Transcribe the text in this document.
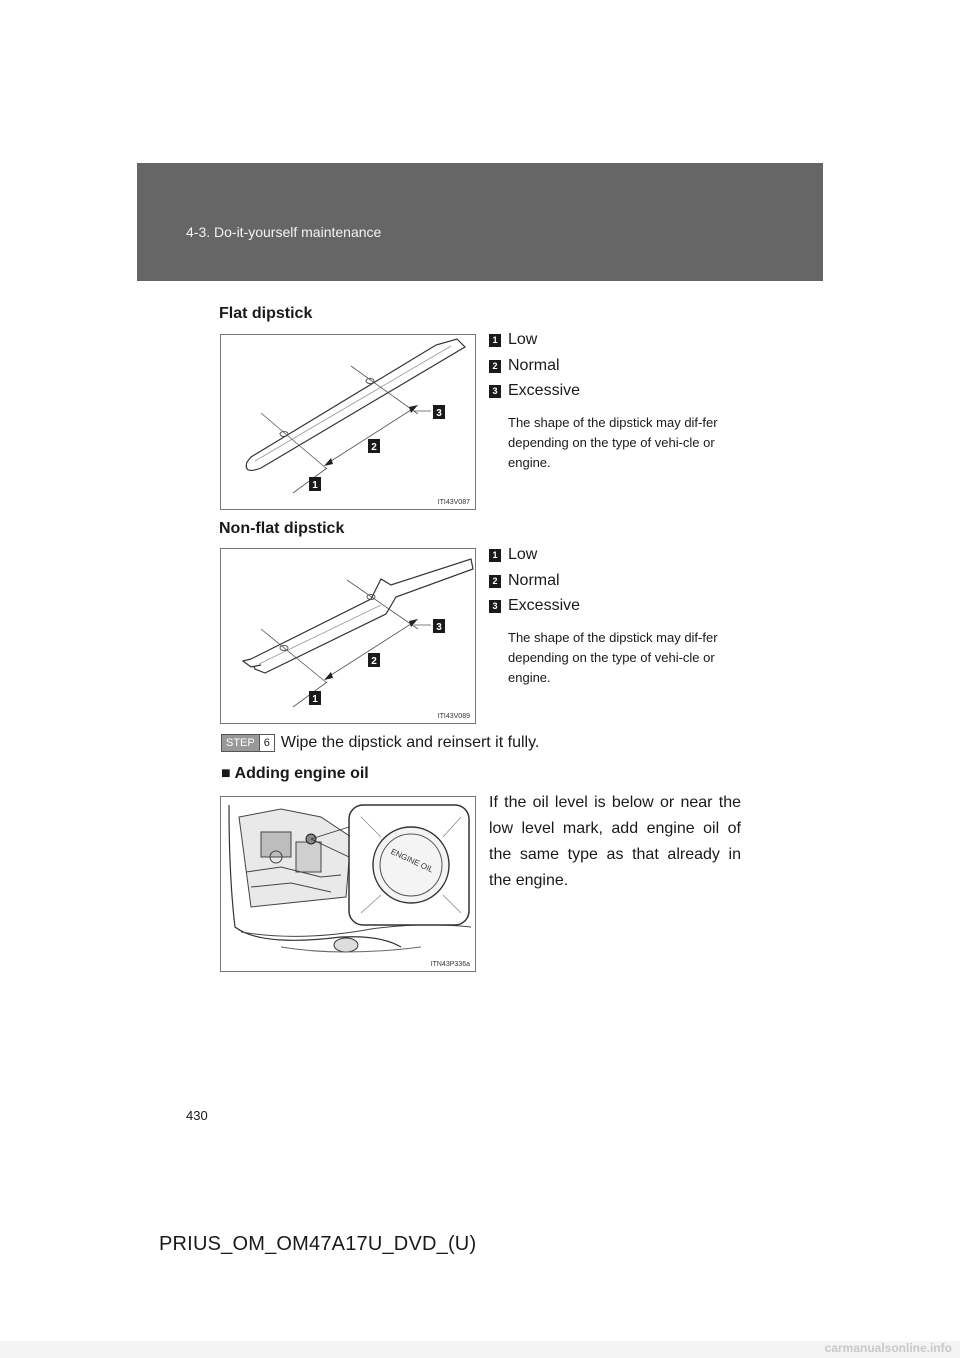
4-3. Do-it-yourself maintenance
Flat dipstick
1
2
3
ITI43V087
1 Low
2 Normal
3 Excessive
The shape of the dipstick may dif-fer depending on the type of vehi-cle or engine.
Non-flat dipstick
1
2
3
ITI43V089
1 Low
2 Normal
3 Excessive
The shape of the dipstick may dif-fer depending on the type of vehi-cle or engine.
STEP 6 Wipe the dipstick and reinsert it fully.
■ Adding engine oil
ENGINE OIL
ITN43P336a
If the oil level is below or near the low level mark, add engine oil of the same type as that already in the engine.
430
PRIUS_OM_OM47A17U_DVD_(U)
carmanualsonline.info
